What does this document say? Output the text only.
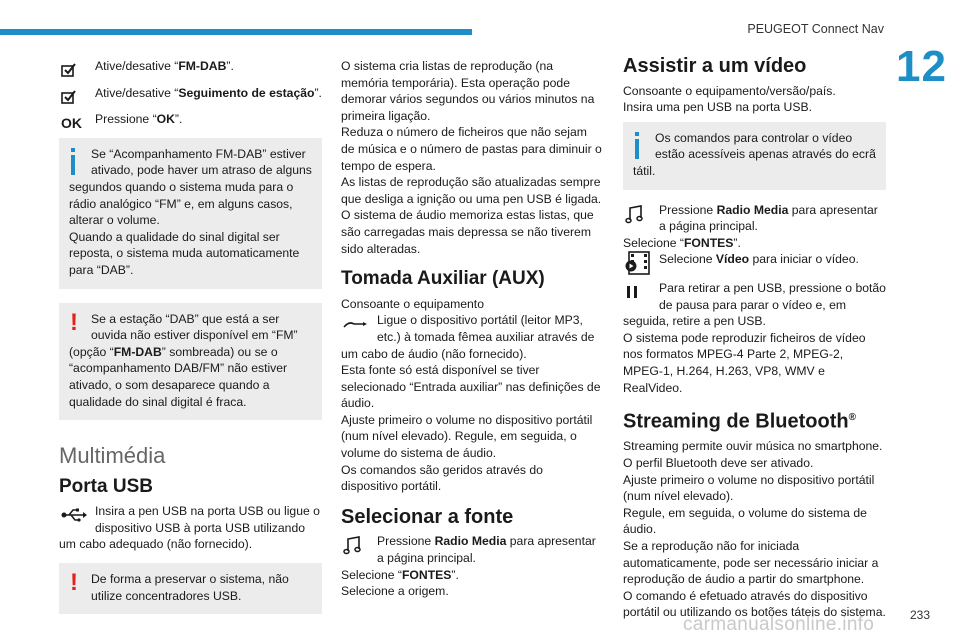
PEUGEOT Connect Nav
12

Ative/desative “FM-DAB”.

Ative/desative “Seguimento de estação”.

OK	Pressione “OK”.

Se “Acompanhamento FM-DAB” estiver

ativado, pode haver um atraso de alguns

segundos quando o sistema muda para o rádio analógico “FM” e, em alguns casos, alterar o volume.

Quando a qualidade do sinal digital ser reposta, o sistema muda automaticamente para “DAB”.

!	Se a estação “DAB” que está a ser

ouvida não estiver disponível em “FM”

(opção “FM-DAB” sombreada) ou se o “acompanhamento DAB/FM” não estiver ativado, o som desaparece quando a qualidade do sinal digital é fraca.

Multimédia
Porta USB

Insira a pen USB na porta USB ou ligue o

dispositivo USB à porta USB utilizando

um cabo adequado (não fornecido).

!	De forma a preservar o sistema, não

utilize concentradores USB.

O sistema cria listas de reprodução (na memória temporária). Esta operação pode demorar vários segundos ou vários minutos na primeira ligação.

Reduza o número de ficheiros que não sejam de música e o número de pastas para diminuir o tempo de espera.

As listas de reprodução são atualizadas sempre que desliga a ignição ou uma pen USB é ligada.

O sistema de áudio memoriza estas listas, que são carregadas mais depressa se não tiverem sido alteradas.

Tomada Auxiliar (AUX)

Consoante o equipamento

Ligue o dispositivo portátil (leitor MP3,

etc.) à tomada fêmea auxiliar através de

um cabo de áudio (não fornecido).

Esta fonte só está disponível se tiver selecionado “Entrada auxiliar” nas definições de áudio.

Ajuste primeiro o volume no dispositivo portátil (num nível elevado). Regule, em seguida, o volume do sistema de áudio.

Os comandos são geridos através do dispositivo portátil.

Selecionar a fonte

Pressione Radio Media para apresentar

a página principal.

Selecione “FONTES”.

Selecione a origem.

Assistir a um vídeo

Consoante o equipamento/versão/país.

Insira uma pen USB na porta USB.

Os comandos para controlar o vídeo

estão acessíveis apenas através do ecrã

tátil.

Pressione Radio Media para apresentar

a página principal.

Selecione “FONTES”.

Selecione Vídeo para iniciar o vídeo.

Para retirar a pen USB, pressione o botão

de pausa para parar o vídeo e, em

seguida, retire a pen USB.

O sistema pode reproduzir ficheiros de vídeo nos formatos MPEG-4 Parte 2, MPEG-2, MPEG-1, H.264, H.263, VP8, WMV e RealVideo.

Streaming de Bluetooth®

Streaming permite ouvir música no smartphone.

O perfil Bluetooth deve ser ativado.

Ajuste primeiro o volume no dispositivo portátil (num nível elevado).

Regule, em seguida, o volume do sistema de áudio.

Se a reprodução não for iniciada automaticamente, pode ser necessário iniciar a reprodução de áudio a partir do smartphone.

O comando é efetuado através do dispositivo portátil ou utilizando os botões táteis do sistema. 233
carmanualsonline.info
